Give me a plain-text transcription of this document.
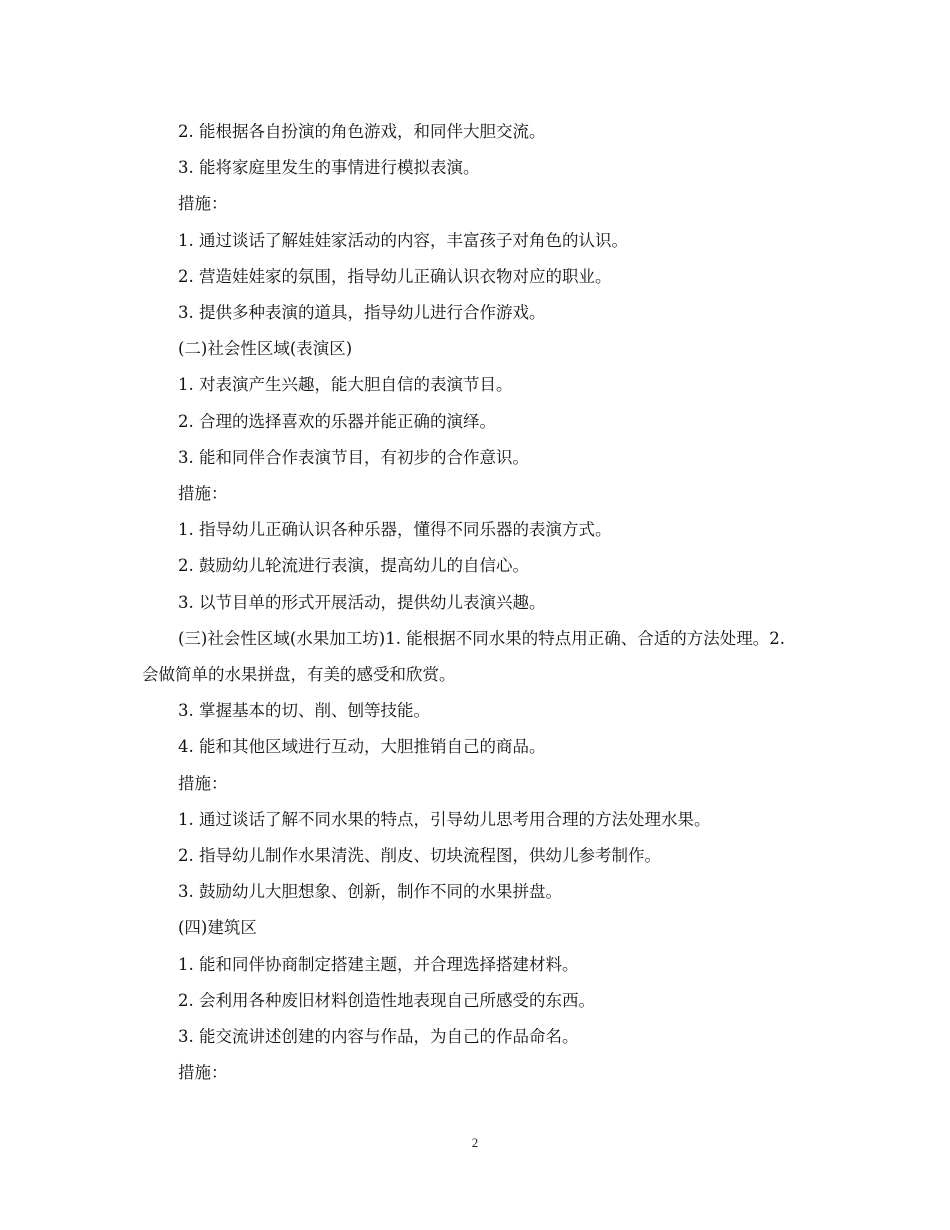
2. 能根据各自扮演的角色游戏，和同伴大胆交流。

3. 能将家庭里发生的事情进行模拟表演。

措施：

1. 通过谈话了解娃娃家活动的内容，丰富孩子对角色的认识。

2. 营造娃娃家的氛围，指导幼儿正确认识衣物对应的职业。

3. 提供多种表演的道具，指导幼儿进行合作游戏。

(二)社会性区域(表演区)

1. 对表演产生兴趣，能大胆自信的表演节目。

2. 合理的选择喜欢的乐器并能正确的演绎。

3. 能和同伴合作表演节目，有初步的合作意识。

措施：

1. 指导幼儿正确认识各种乐器，懂得不同乐器的表演方式。

2. 鼓励幼儿轮流进行表演，提高幼儿的自信心。

3. 以节目单的形式开展活动，提供幼儿表演兴趣。

(三)社会性区域(水果加工坊)1. 能根据不同水果的特点用正确、合适的方法处理。2. 会做简单的水果拼盘，有美的感受和欣赏。

3. 掌握基本的切、削、刨等技能。

4. 能和其他区域进行互动，大胆推销自己的商品。

措施：

1. 通过谈话了解不同水果的特点，引导幼儿思考用合理的方法处理水果。

2. 指导幼儿制作水果清洗、削皮、切块流程图，供幼儿参考制作。

3. 鼓励幼儿大胆想象、创新，制作不同的水果拼盘。

(四)建筑区

1. 能和同伴协商制定搭建主题，并合理选择搭建材料。

2. 会利用各种废旧材料创造性地表现自己所感受的东西。

3. 能交流讲述创建的内容与作品，为自己的作品命名。

措施：

2
